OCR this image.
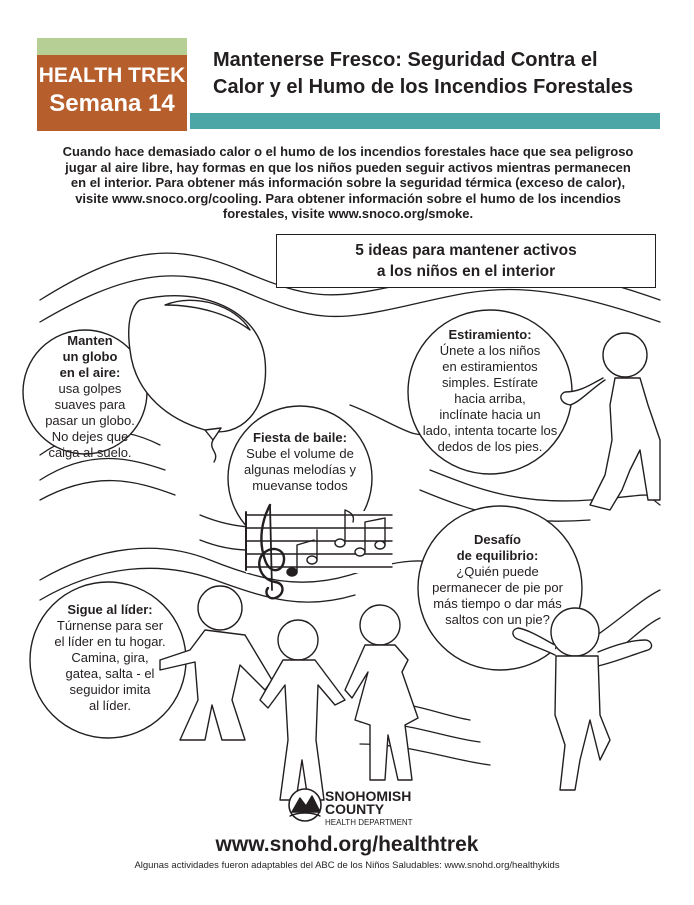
HEALTH TREK
Semana 14
Mantenerse Fresco: Seguridad Contra el
Calor y el Humo de los Incendios Forestales
Cuando hace demasiado calor o el humo de los incendios forestales hace que sea peligroso
jugar al aire libre, hay formas en que los niños pueden seguir activos mientras permanecen
en el interior. Para obtener más información sobre la seguridad térmica (exceso de calor),
visite www.snoco.org/cooling. Para obtener información sobre el humo de los incendios
forestales, visite www.snoco.org/smoke.
5 ideas para mantener activos
a los niños en el interior
Manten
un globo
en el aire:
usa golpes
suaves para
pasar un globo.
No dejes que
caiga al suelo.
Fiesta de baile:
Sube el volume de
algunas melodías y
muevanse todos
Estiramiento:
Únete a los niños
en estiramientos
simples. Estírate
hacia arriba,
inclínate hacia un
lado, intenta tocarte los
dedos de los pies.
Desafío
de equilibrio:
¿Quién puede
permanecer de pie por
más tiempo o dar más
saltos con un pie?
Sigue al líder:
Túrnense para ser
el líder en tu hogar.
Camina, gira,
gatea, salta - el
seguidor imita
al líder.
SNOHOMISH
COUNTY
HEALTH DEPARTMENT
www.snohd.org/healthtrek
Algunas actividades fueron adaptables del ABC de los Niños Saludables: www.snohd.org/healthykids
